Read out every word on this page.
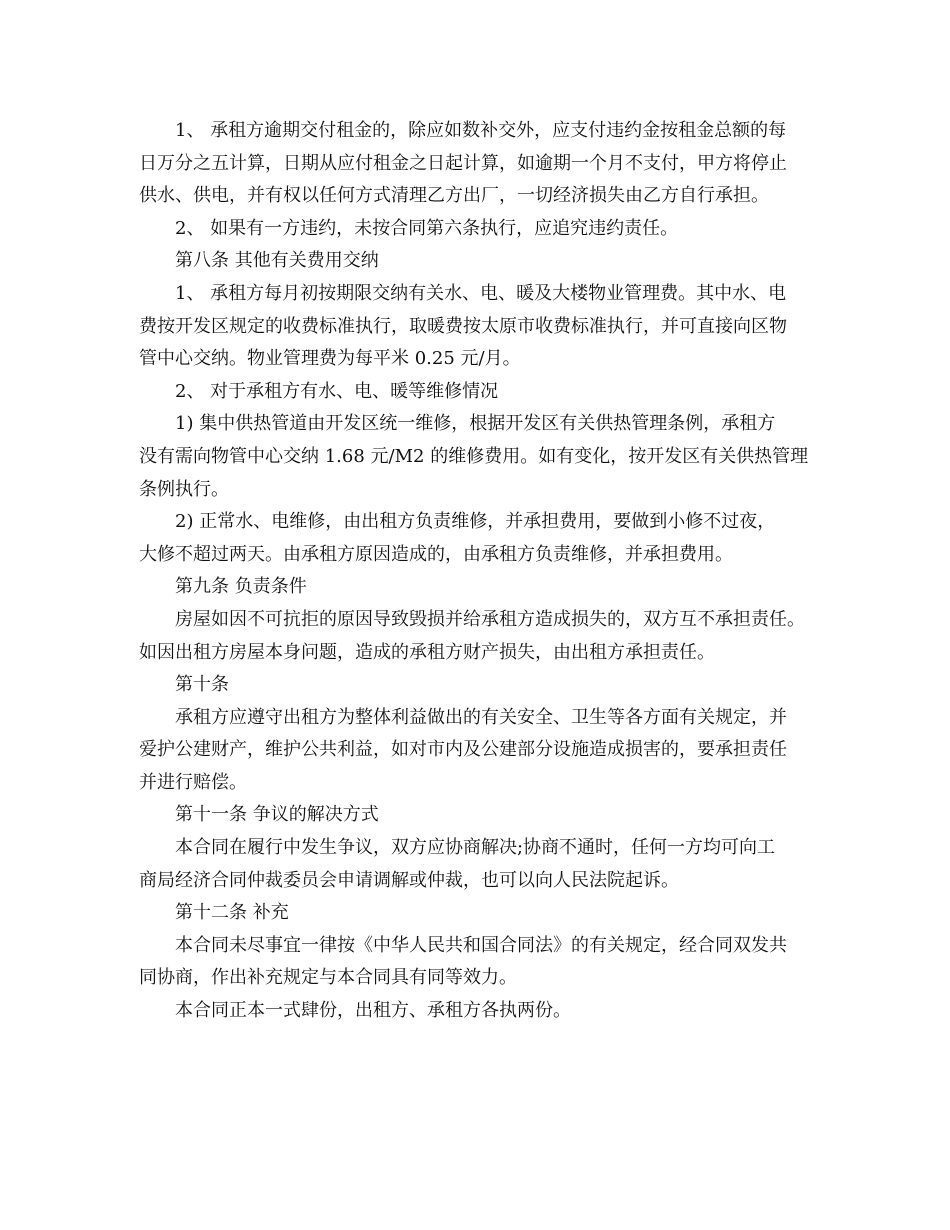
1、 承租方逾期交付租金的，除应如数补交外，应支付违约金按租金总额的每
日万分之五计算，日期从应付租金之日起计算，如逾期一个月不支付，甲方将停止
供水、供电，并有权以任何方式清理乙方出厂，一切经济损失由乙方自行承担。

2、 如果有一方违约，未按合同第六条执行，应追究违约责任。

第八条 其他有关费用交纳

1、 承租方每月初按期限交纳有关水、电、暖及大楼物业管理费。其中水、电
费按开发区规定的收费标准执行，取暖费按太原市收费标准执行，并可直接向区物
管中心交纳。物业管理费为每平米 0.25 元/月。

2、 对于承租方有水、电、暖等维修情况

1) 集中供热管道由开发区统一维修，根据开发区有关供热管理条例，承租方
没有需向物管中心交纳 1.68 元/M2 的维修费用。如有变化，按开发区有关供热管理
条例执行。

2) 正常水、电维修，由出租方负责维修，并承担费用，要做到小修不过夜，
大修不超过两天。由承租方原因造成的，由承租方负责维修，并承担费用。

第九条 负责条件

房屋如因不可抗拒的原因导致毁损并给承租方造成损失的，双方互不承担责任。
如因出租方房屋本身问题，造成的承租方财产损失，由出租方承担责任。

第十条

承租方应遵守出租方为整体利益做出的有关安全、卫生等各方面有关规定，并
爱护公建财产，维护公共利益，如对市内及公建部分设施造成损害的，要承担责任
并进行赔偿。

第十一条 争议的解决方式

本合同在履行中发生争议，双方应协商解决;协商不通时，任何一方均可向工
商局经济合同仲裁委员会申请调解或仲裁，也可以向人民法院起诉。

第十二条 补充

本合同未尽事宜一律按《中华人民共和国合同法》的有关规定，经合同双发共
同协商，作出补充规定与本合同具有同等效力。

本合同正本一式肆份，出租方、承租方各执两份。
